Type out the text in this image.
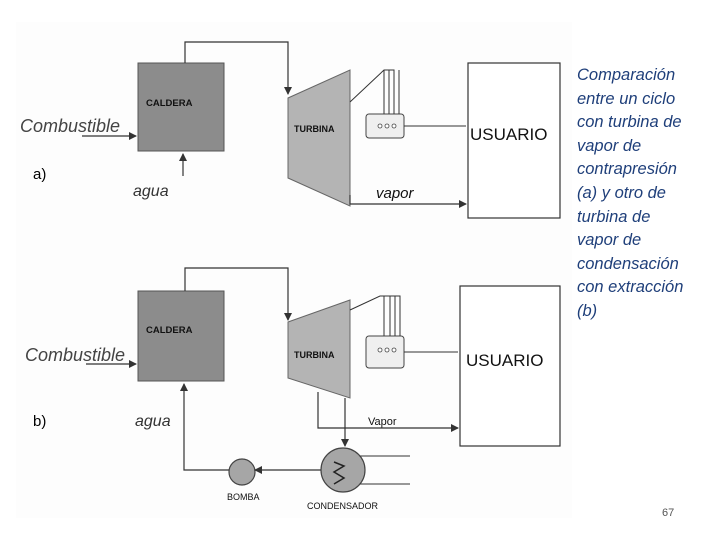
CALDERA
TURBINA	USUARIO
vapor
Combustible
agua
CALDERA
TURBINA	USUARIO
Vapor
CONDENSADOR
BOMBA
agua
Combustible
a)
b)
Comparación
entre un ciclo
con turbina de
vapor de
contrapresión
(a) y otro de
turbina de
vapor de
condensación
con extracción
(b)
67
